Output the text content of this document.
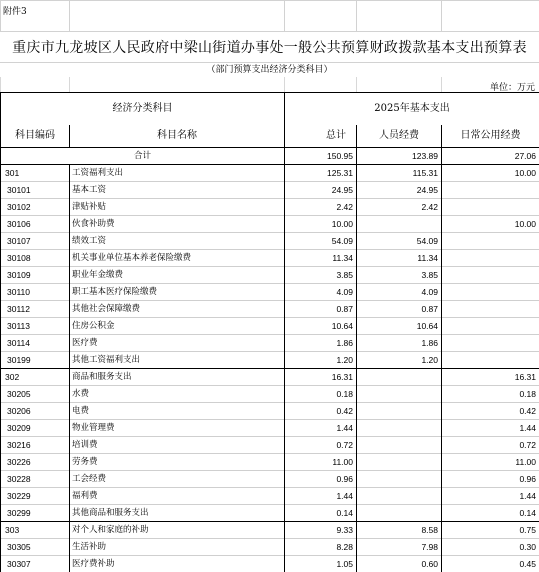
附件3				
重庆市九龙坡区人民政府中梁山街道办事处一般公共预算财政拨款基本支出预算表
（部门预算支出经济分类科目）

单位：万元
经济分类科目		2025年基本支出		
科目编码	科目名称	总计	人员经费	日常公用经费
合计		150.95	123.89	27.06
301	工资福利支出	125.31	115.31	10.00
30101	基本工资	24.95	24.95	
30102	津贴补贴	2.42	2.42	
30106	伙食补助费	10.00		10.00
30107	绩效工资	54.09	54.09	
30108	机关事业单位基本养老保险缴费	11.34	11.34	
30109	职业年金缴费	3.85	3.85	
30110	职工基本医疗保险缴费	4.09	4.09	
30112	其他社会保障缴费	0.87	0.87	
30113	住房公积金	10.64	10.64	
30114	医疗费	1.86	1.86	
30199	其他工资福利支出	1.20	1.20	
302	商品和服务支出	16.31		16.31
30205	水费	0.18		0.18
30206	电费	0.42		0.42
30209	物业管理费	1.44		1.44
30216	培训费	0.72		0.72
30226	劳务费	11.00		11.00
30228	工会经费	0.96		0.96
30229	福利费	1.44		1.44
30299	其他商品和服务支出	0.14		0.14
303	对个人和家庭的补助	9.33	8.58	0.75
30305	生活补助	8.28	7.98	0.30
30307	医疗费补助	1.05	0.60	0.45
